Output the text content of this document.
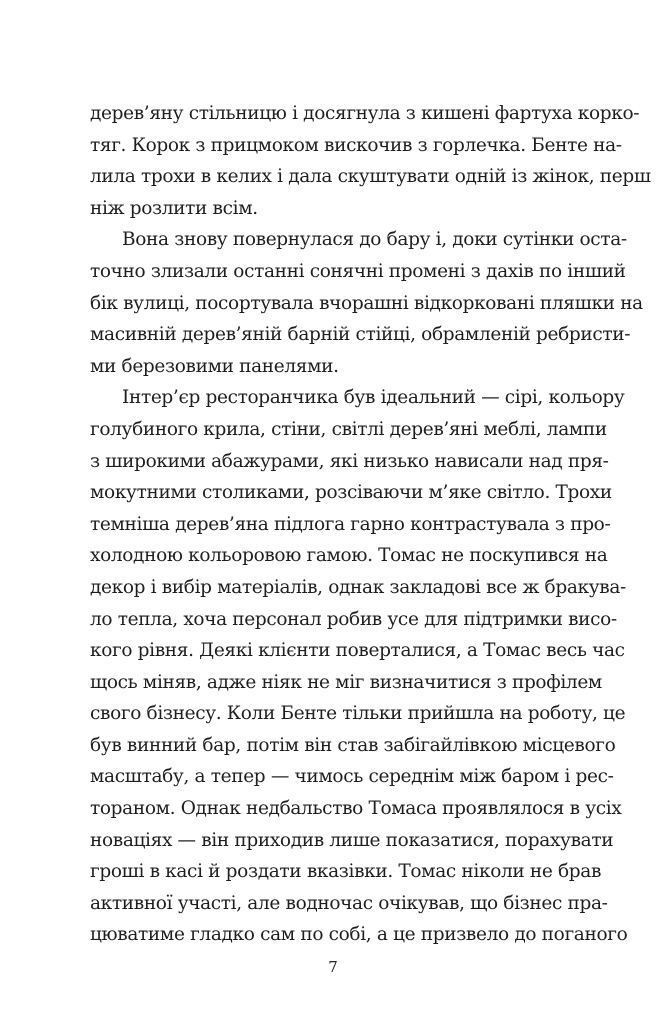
дерев’яну стільницю і досягнула з кишені фартуха корко-
тяг. Корок з прицмоком вискочив з горлечка. Бенте на-
лила трохи в келих і дала скуштувати одній із жінок, перш
ніж розлити всім.
Вона знову повернулася до бару і, доки сутінки оста-
точно злизали останні сонячні промені з дахів по інший
бік вулиці, посортувала вчорашні відкорковані пляшки на
масивній дерев’яній барній стійці, обрамленій ребристи-
ми березовими панелями.
Інтер’єр ресторанчика був ідеальний — сірі, кольору
голубиного крила, стіни, світлі дерев’яні меблі, лампи
з широкими абажурами, які низько нависали над пря-
мокутними столиками, розсіваючи м’яке світло. Трохи
темніша дерев’яна підлога гарно контрастувала з про-
холодною кольоровою гамою. Томас не поскупився на
декор і вибір матеріалів, однак закладові все ж бракува-
ло тепла, хоча персонал робив усе для підтримки висо-
кого рівня. Деякі клієнти поверталися, а Томас весь час
щось міняв, адже ніяк не міг визначитися з профілем
свого бізнесу. Коли Бенте тільки прийшла на роботу, це
був винний бар, потім він став забігайлівкою місцевого
масштабу, а тепер — чимось середнім між баром і рес-
тораном. Однак недбальство Томаса проявлялося в усіх
новаціях — він приходив лише показатися, порахувати
гроші в касі й роздати вказівки. Томас ніколи не брав
активної участі, але водночас очікував, що бізнес пра-
цюватиме гладко сам по собі, а це призвело до поганого
7
